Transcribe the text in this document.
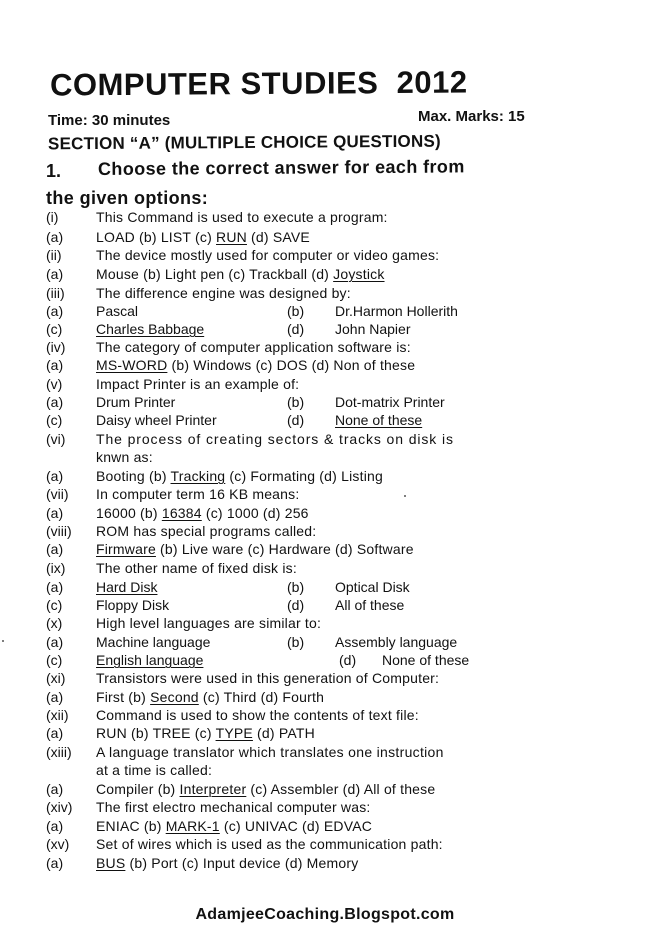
COMPUTER STUDIES  2012
Time: 30 minutes	Max. Marks: 15
SECTION “A” (MULTIPLE CHOICE QUESTIONS)
1. Choose the correct answer for each from
the given options:
(i)	This Command is used to execute a program:
(a) LOAD (b) LIST (c) RUN (d) SAVE
(ii) The device mostly used for computer or video games:
(a) Mouse (b) Light pen (c) Trackball (d) Joystick
(iii) The difference engine was designed by:
(a) Pascal	(b) Dr.Harmon Hollerith
(c) Charles Babbage	(d) John Napier
(iv) The category of computer application software is:
(a) MS-WORD (b) Windows (c) DOS (d) Non of these
(v) Impact Printer is an example of:
(a) Drum Printer	(b) Dot-matrix Printer
(c) Daisy wheel Printer	(d) None of these
(vi) The process of creating sectors & tracks on disk is
knwn as:
(a) Booting (b) Tracking (c) Formating (d) Listing
(vii) In computer term 16 KB means:
(a) 16000 (b) 16384 (c) 1000 (d) 256
(viii) ROM has special programs called:
(a) Firmware (b) Live ware (c) Hardware (d) Software
(ix) The other name of fixed disk is:
(a) Hard Disk	(b) Optical Disk
(c) Floppy Disk	(d) All of these
(x) High level languages are similar to:
(a) Machine language	(b) Assembly language
(c) English language	(d) None of these
(xi) Transistors were used in this generation of Computer:
(a) First (b) Second (c) Third (d) Fourth
(xii) Command is used to show the contents of text file:
(a) RUN (b) TREE (c) TYPE (d) PATH
(xiii) A language translator which translates one instruction
at a time is called:
(a) Compiler (b) Interpreter (c) Assembler (d) All of these
(xiv) The first electro mechanical computer was:
(a) ENIAC (b) MARK-1 (c) UNIVAC (d) EDVAC
(xv) Set of wires which is used as the communication path:
(a) BUS (b) Port (c) Input device (d) Memory
AdamjeeCoaching.Blogspot.com
